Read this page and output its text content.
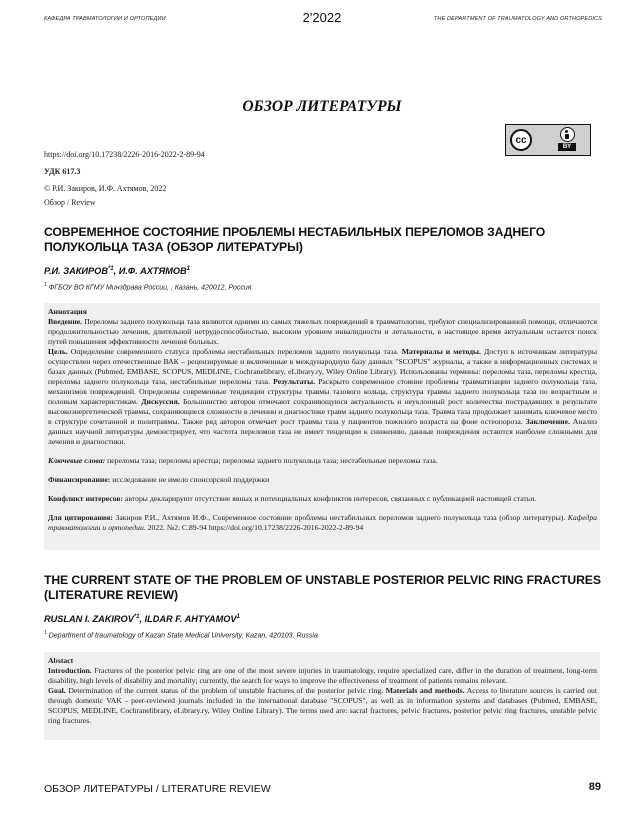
КАФЕДРА ТРАВМАТОЛОГИИ И ОРТОПЕДИИ	2'2022	THE DEPARTMENT OF TRAUMATOLOGY AND ORTHOPEDICS
ОБЗОР ЛИТЕРАТУРЫ
cc
BY
https://doi.org/10.17238/2226-2016-2022-2-89-94
УДК 617.3
© Р.И. Закиров, И.Ф. Ахтямов, 2022
Обзор / Review
СОВРЕМЕННОЕ СОСТОЯНИЕ ПРОБЛЕМЫ НЕСТАБИЛЬНЫХ ПЕРЕЛОМОВ ЗАДНЕГО ПОЛУКОЛЬЦА ТАЗА (ОБЗОР ЛИТЕРАТУРЫ)
Р.И. ЗАКИРОВ$^{*1}$, И.Ф. АХТЯМОВ$^1$
$^1$ ФГБОУ ВО КГМУ Минздрава России, , Казань, 420012, Россия

Аннотация

Введение. Переломы заднего полукольца таза являются одними из самых тяжелых повреждений в травматологии, требуют специализированной помощи, отличаются продолжительностью лечения, длительной нетрудоспособностью, высоким уровнем инвалидности и летальности, в настоящее время актуальным остается поиск путей повышения эффективности лечения больных.

Цель. Определение современного статуса проблемы нестабильных переломов заднего полукольца таза. Материалы и методы. Доступ к источникам литературы осуществлен через отечественные ВАК – рецензируемые и включенные в международную базу данных "SCOPUS" журналы, а также в информационных системах и базах данных (Pubmed, EMBASE, SCOPUS, MEDLINE, Cochranelibrary, eLibrary.ry, Wiley Online Library). Использованы термины: переломы таза, переломы крестца, переломы заднего полукольца таза, нестабильные переломы таза. Результаты. Раскрыто современное стояние проблемы травматизации заднего полукольца таза, механизмов повреждений. Определены современные тенденции структуры травмы тазового кольца, структура травмы заднего полукольца таза по возрастным и половым характеристикам. Дискуссия. Большинство авторов отмечают сохраняющуюся актуальность и неуклонный рост количества пострадавших в результате высокоэнергетической травмы, сохраняющиеся сложности в лечении и диагностике травм заднего полукольца таза. Травма таза продолжает занимать ключевое место в структуре сочетанной и политравмы. Также ряд авторов отмечает рост травмы таза у пациентов пожилого возраста на фоне остеопороза. Заключение. Анализ данных научной литературы демонстрирует, что частота переломов таза не имеет тенденции к снижению, данные повреждения остаются наиболее сложными для лечения и диагностики.

Ключевые слова: переломы таза; переломы крестца; переломы заднего полукольца таза; нестабильные переломы таза.

Финансирование: исследование не имело спонсорской поддержки

Конфликт интересов: авторы декларируют отсутствие явных и потенциальных конфликтов интересов, связанных с публикацией настоящей статьи.

Для цитирования: Закиров Р.И., Ахтямов И.Ф., Современное состояние проблемы нестабильных переломов заднего полукольца таза (обзор литературы). Кафедра травматологии и ортопедии. 2022. №2. С.89-94 https://doi.org/10.17238/2226-2016-2022-2-89-94

THE CURRENT STATE OF THE PROBLEM OF UNSTABLE POSTERIOR PELVIC RING FRACTURES (LITERATURE REVIEW)
RUSLAN I. ZAKIROV$^{*1}$, ILDAR F. AHTYAMOV$^1$
$^1$ Department of traumatology of Kazan State Medical University, Kazan, 420103, Russia

Abstact

Introduction. Fractures of the posterior pelvic ring are one of the most severe injuries in traumatology, require specialized care, differ in the duration of treatment, long-term disability, high levels of disability and mortality; currently, the search for ways to improve the effectiveness of treatment of patients remains relevant.

Goal. Determination of the current status of the problem of unstable fractures of the posterior pelvic ring. Materials and methods. Access to literature sources is carried out through domestic VAK - peer-reviewed journals included in the international database "SCOPUS", as well as in information systems and databases (Pubmed, EMBASE, SCOPUS, MEDLINE, Cochranelibrary, eLibrary.ry, Wiley Online Library). The terms used are: sacral fractures, pelvic fractures, posterior pelvic ring fractures, unstable pelvic ring fractures.

ОБЗОР ЛИТЕРАТУРЫ / LITERATURE REVIEW	89
